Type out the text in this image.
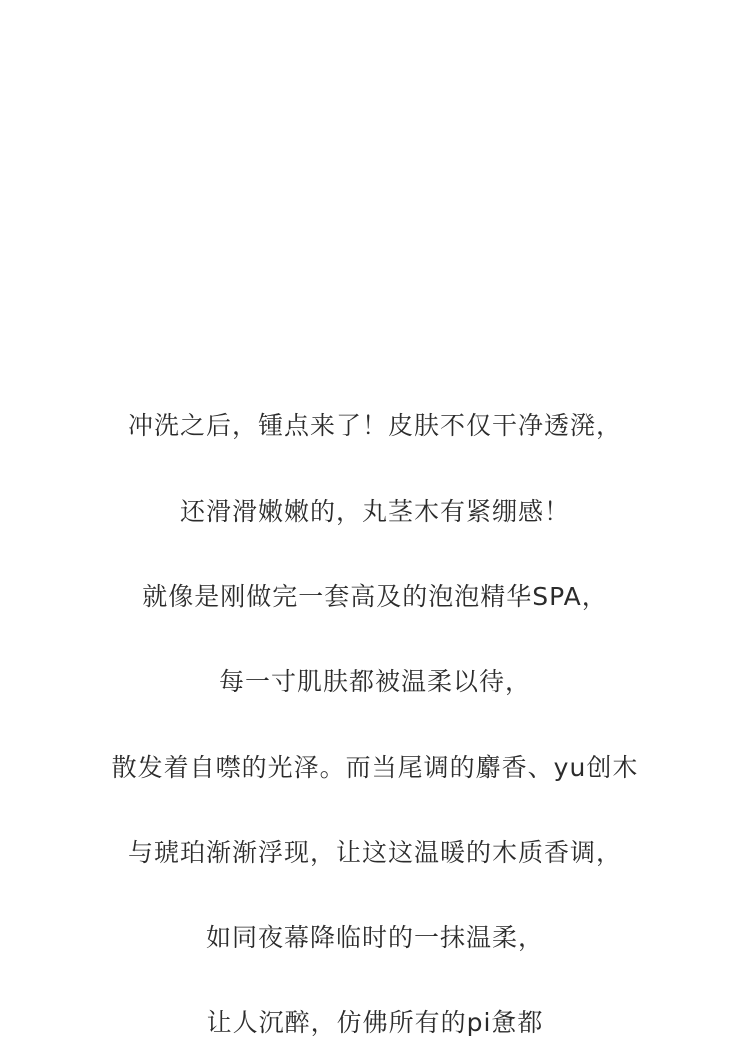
冲洗之后，锺点来了！皮肤不仅干净透溌，
还滑滑嫩嫩的，丸茎木有紧绷感！
就像是刚做完一套高及的泡泡精华SPA，
每一寸肌肤都被温柔以待，
散发着自噤的光泽。而当尾调的麝香、yu创木
与琥珀渐渐浮现，让这这温暖的木质香调，
如同夜幕降临时的一抹温柔，
让人沉醉，仿佛所有的pi惫都
